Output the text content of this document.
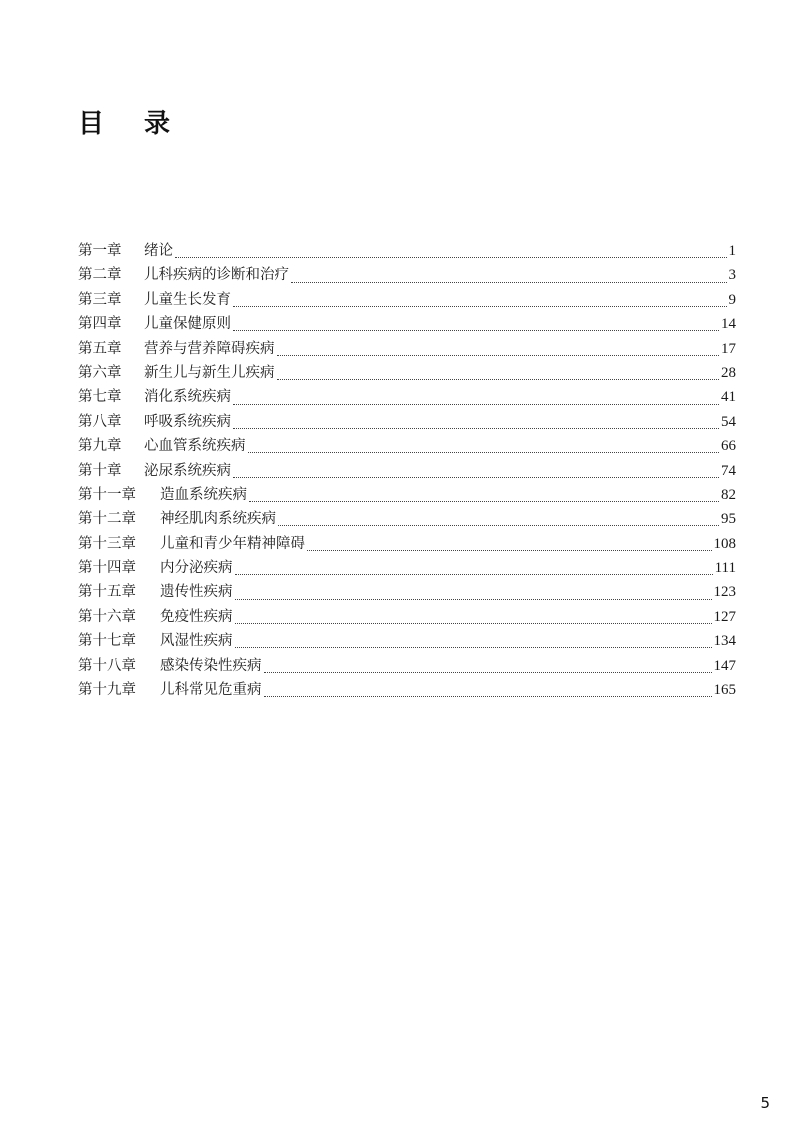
目录
第一章	绪论	1
第二章	儿科疾病的诊断和治疗	3
第三章	儿童生长发育	9
第四章	儿童保健原则	14
第五章	营养与营养障碍疾病	17
第六章	新生儿与新生儿疾病	28
第七章	消化系统疾病	41
第八章	呼吸系统疾病	54
第九章	心血管系统疾病	66
第十章	泌尿系统疾病	74
第十一章	造血系统疾病	82
第十二章	神经肌肉系统疾病	95
第十三章	儿童和青少年精神障碍	108
第十四章	内分泌疾病	111
第十五章	遗传性疾病	123
第十六章	免疫性疾病	127
第十七章	风湿性疾病	134
第十八章	感染传染性疾病	147
第十九章	儿科常见危重病	165
5
